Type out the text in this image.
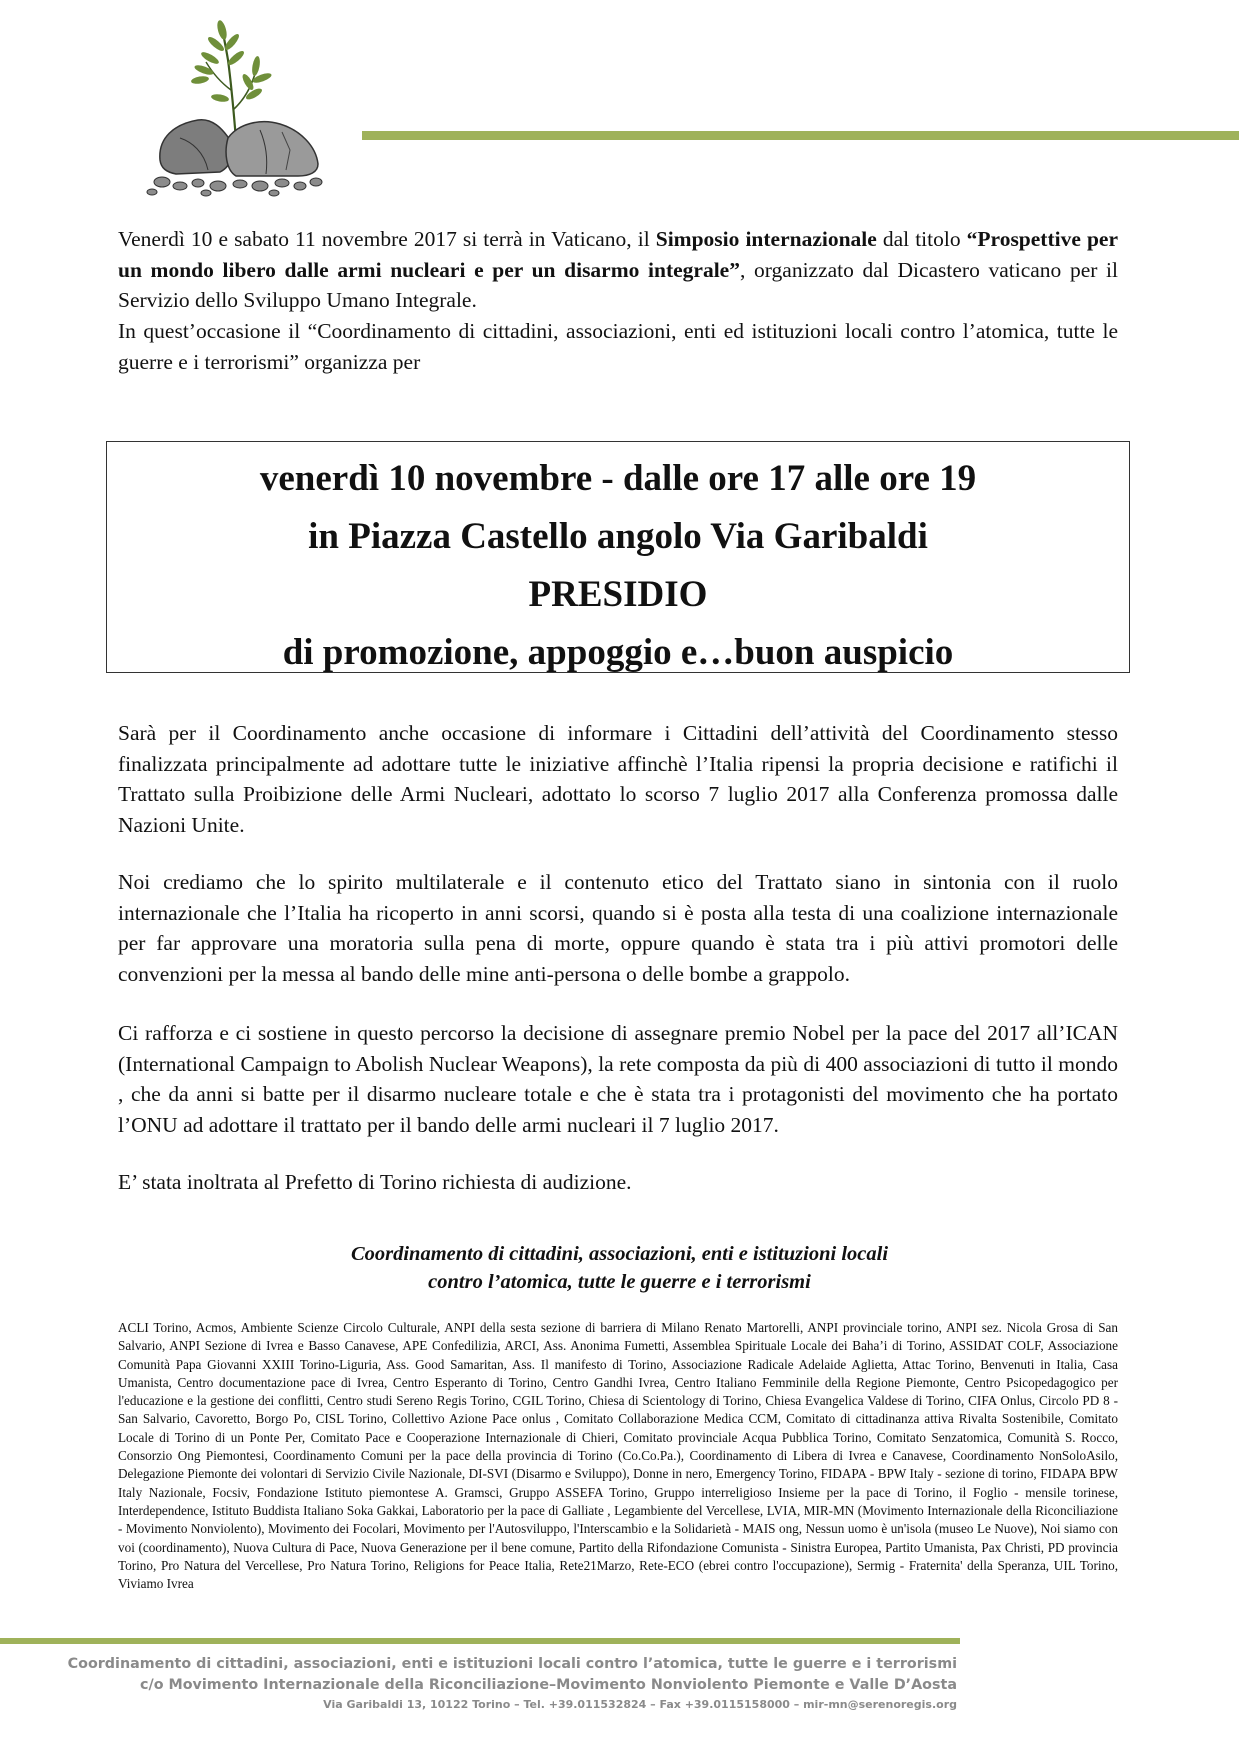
Venerdì 10 e sabato 11 novembre 2017 si terrà in Vaticano, il Simposio internazionale dal titolo “Prospettive per un mondo libero dalle armi nucleari e per un disarmo integrale”, organizzato dal Dicastero vaticano per il Servizio dello Sviluppo Umano Integrale.

In quest’occasione il “Coordinamento di cittadini, associazioni, enti ed istituzioni locali contro l’atomica, tutte le guerre e i terrorismi” organizza per

venerdì 10 novembre - dalle ore 17 alle ore 19
in Piazza Castello angolo Via Garibaldi
PRESIDIO
di promozione, appoggio e…buon auspicio

Sarà per il Coordinamento anche occasione di informare i Cittadini dell’attività del Coordinamento stesso finalizzata principalmente ad adottare tutte le iniziative affinchè l’Italia ripensi la propria decisione e ratifichi il Trattato sulla Proibizione delle Armi Nucleari, adottato lo scorso 7 luglio 2017 alla Conferenza promossa dalle Nazioni Unite.

Noi crediamo che lo spirito multilaterale e il contenuto etico del Trattato siano in sintonia con il ruolo internazionale che l’Italia ha ricoperto in anni scorsi, quando si è posta alla testa di una coalizione internazionale per far approvare una moratoria sulla pena di morte, oppure quando è stata tra i più attivi promotori delle convenzioni per la messa al bando delle mine anti-persona o delle bombe a grappolo.

Ci rafforza e ci sostiene in questo percorso la decisione di assegnare premio Nobel per la pace del 2017 all’ICAN (International Campaign to Abolish Nuclear Weapons), la rete composta da più di 400 associazioni di tutto il mondo , che da anni si batte per il disarmo nucleare totale e che è stata tra i protagonisti del movimento che ha portato l’ONU ad adottare il trattato per il bando delle armi nucleari il 7 luglio 2017.

E’ stata inoltrata al Prefetto di Torino richiesta di audizione.

Coordinamento di cittadini, associazioni, enti e istituzioni locali
contro l’atomica, tutte le guerre e i terrorismi

ACLI Torino, Acmos, Ambiente Scienze Circolo Culturale, ANPI della sesta sezione di barriera di Milano Renato Martorelli, ANPI provinciale torino, ANPI sez. Nicola Grosa di San Salvario, ANPI Sezione di Ivrea e Basso Canavese, APE Confedilizia, ARCI, Ass. Anonima Fumetti, Assemblea Spirituale Locale dei Baha’i di Torino, ASSIDAT COLF, Associazione Comunità Papa Giovanni XXIII Torino-Liguria, Ass. Good Samaritan, Ass. Il manifesto di Torino, Associazione Radicale Adelaide Aglietta, Attac Torino, Benvenuti in Italia, Casa Umanista, Centro documentazione pace di Ivrea, Centro Esperanto di Torino, Centro Gandhi Ivrea, Centro Italiano Femminile della Regione Piemonte, Centro Psicopedagogico per l'educazione e la gestione dei conflitti, Centro studi Sereno Regis Torino, CGIL Torino, Chiesa di Scientology di Torino, Chiesa Evangelica Valdese di Torino, CIFA Onlus, Circolo PD 8 - San Salvario, Cavoretto, Borgo Po, CISL Torino, Collettivo Azione Pace onlus , Comitato Collaborazione Medica CCM, Comitato di cittadinanza attiva Rivalta Sostenibile, Comitato Locale di Torino di un Ponte Per, Comitato Pace e Cooperazione Internazionale di Chieri, Comitato provinciale Acqua Pubblica Torino, Comitato Senzatomica, Comunità S. Rocco, Consorzio Ong Piemontesi, Coordinamento Comuni per la pace della provincia di Torino (Co.Co.Pa.), Coordinamento di Libera di Ivrea e Canavese, Coordinamento NonSoloAsilo, Delegazione Piemonte dei volontari di Servizio Civile Nazionale, DI-SVI (Disarmo e Sviluppo), Donne in nero, Emergency Torino, FIDAPA - BPW Italy - sezione di torino, FIDAPA BPW Italy Nazionale, Focsiv, Fondazione Istituto piemontese A. Gramsci, Gruppo ASSEFA Torino, Gruppo interreligioso Insieme per la pace di Torino, il Foglio - mensile torinese, Interdependence, Istituto Buddista Italiano Soka Gakkai, Laboratorio per la pace di Galliate , Legambiente del Vercellese, LVIA, MIR-MN (Movimento Internazionale della Riconciliazione - Movimento Nonviolento), Movimento dei Focolari, Movimento per l'Autosviluppo, l'Interscambio e la Solidarietà - MAIS ong, Nessun uomo è un'isola (museo Le Nuove), Noi siamo con voi (coordinamento), Nuova Cultura di Pace, Nuova Generazione per il bene comune, Partito della Rifondazione Comunista - Sinistra Europea, Partito Umanista, Pax Christi, PD provincia Torino, Pro Natura del Vercellese, Pro Natura Torino, Religions for Peace Italia, Rete21Marzo, Rete-ECO (ebrei contro l'occupazione), Sermig - Fraternita' della Speranza, UIL Torino, Viviamo Ivrea

Coordinamento di cittadini, associazioni, enti e istituzioni locali contro l’atomica, tutte le guerre e i terrorismi
c/o Movimento Internazionale della Riconciliazione–Movimento Nonviolento Piemonte e Valle D’Aosta
Via Garibaldi 13, 10122 Torino – Tel. +39.011532824 – Fax +39.0115158000 – mir-mn@serenoregis.org
